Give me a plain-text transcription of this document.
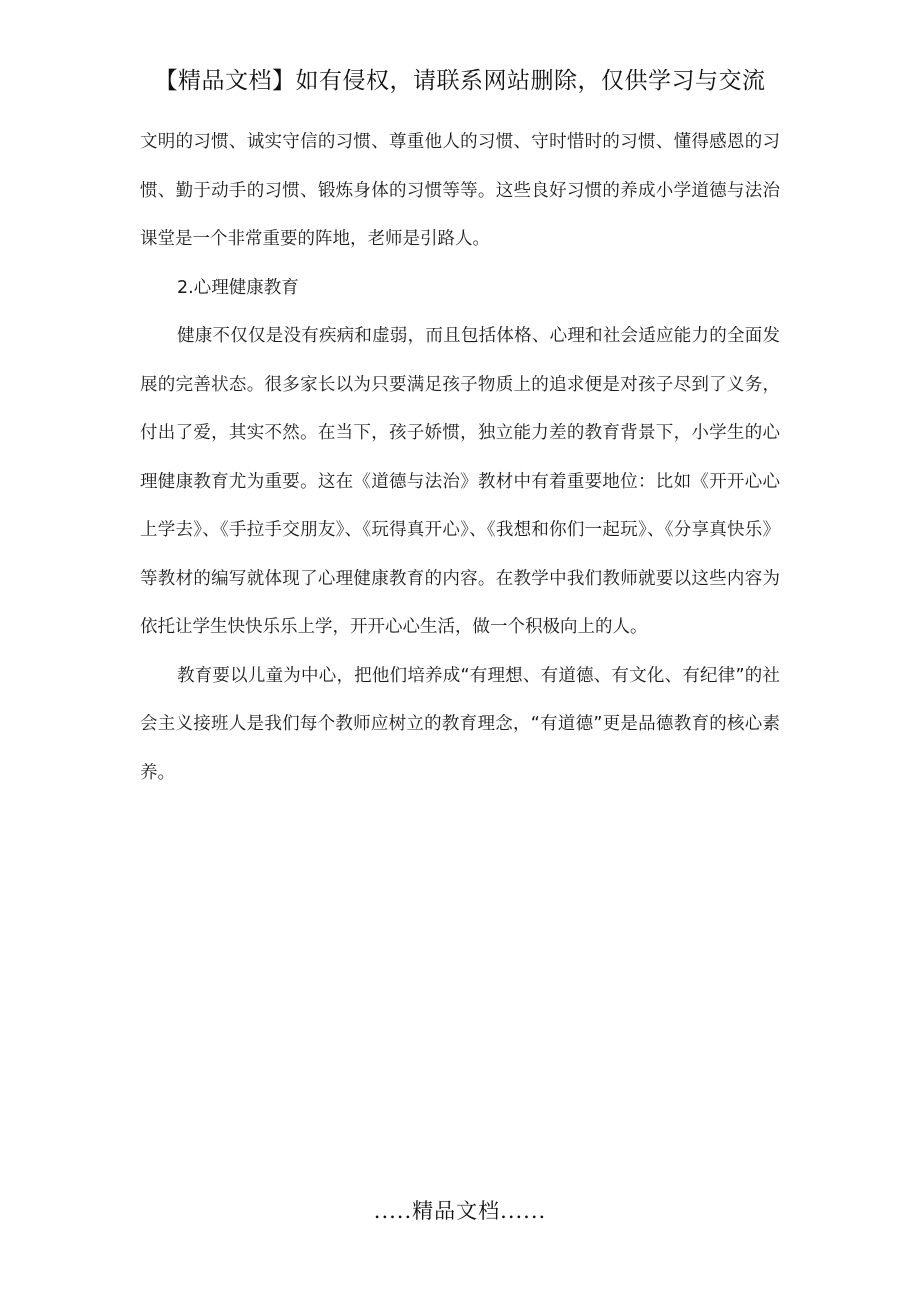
【精品文档】如有侵权，请联系网站删除，仅供学习与交流

文明的习惯、诚实守信的习惯、尊重他人的习惯、守时惜时的习惯、懂得感恩的习惯、勤于动手的习惯、锻炼身体的习惯等等。这些良好习惯的养成小学道德与法治课堂是一个非常重要的阵地，老师是引路人。

2.心理健康教育

健康不仅仅是没有疾病和虚弱，而且包括体格、心理和社会适应能力的全面发展的完善状态。很多家长以为只要满足孩子物质上的追求便是对孩子尽到了义务，付出了爱，其实不然。在当下，孩子娇惯，独立能力差的教育背景下，小学生的心理健康教育尤为重要。这在《道德与法治》教材中有着重要地位：比如《开开心心上学去》、《手拉手交朋友》、《玩得真开心》、《我想和你们一起玩》、《分享真快乐》等教材的编写就体现了心理健康教育的内容。在教学中我们教师就要以这些内容为依托让学生快快乐乐上学，开开心心生活，做一个积极向上的人。

教育要以儿童为中心，把他们培养成“有理想、有道德、有文化、有纪律”的社会主义接班人是我们每个教师应树立的教育理念，“有道德”更是品德教育的核心素养。

.....精品文档......
